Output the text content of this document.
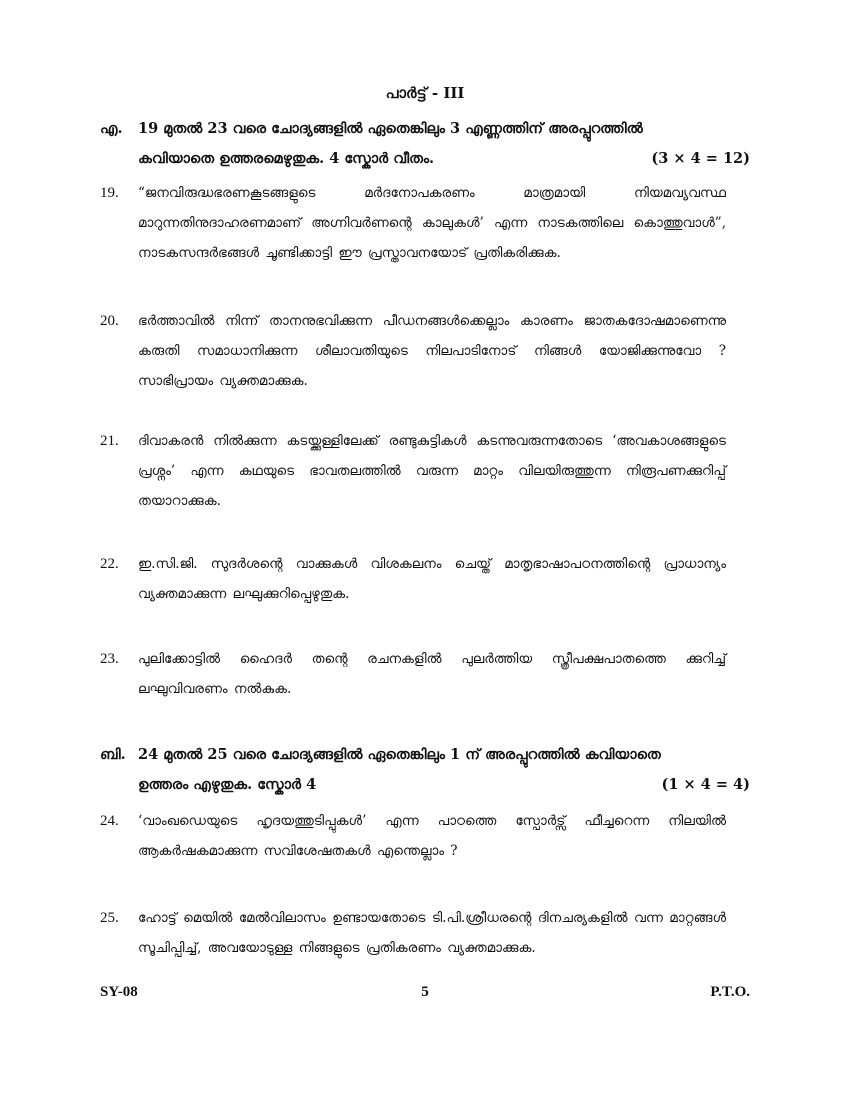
പാർട്ട് - III
എ. 19 മുതൽ 23 വരെ ചോദ്യങ്ങളിൽ ഏതെങ്കിലും 3 എണ്ണത്തിന് അരപ്പുറത്തിൽ
കവിയാതെ ഉത്തരമെഴുതുക. 4 സ്കോർ വീതം.	(3 × 4 = 12)
19. “ജനവിരുദ്ധഭരണകൂടങ്ങളുടെ മർദനോപകരണം മാത്രമായി നിയമവ്യവസ്ഥ മാറുന്നതിനുദാഹരണമാണ് അഗ്നിവർണന്റെ കാലുകൾ’ എന്ന നാടകത്തിലെ കൊത്തുവാൾ”, നാടകസന്ദർഭങ്ങൾ ചൂണ്ടിക്കാട്ടി ഈ പ്രസ്താവനയോട് പ്രതികരിക്കുക.
20. ഭർത്താവിൽ നിന്ന് താനനുഭവിക്കുന്ന പീഡനങ്ങൾക്കെല്ലാം കാരണം ജാതകദോഷമാണെന്നു കരുതി സമാധാനിക്കുന്ന ശീലാവതിയുടെ നിലപാടിനോട് നിങ്ങൾ യോജിക്കുന്നുവോ ? സാഭിപ്രായം വ്യക്തമാക്കുക.
21. ദിവാകരൻ നിൽക്കുന്ന കടയ്ക്കുള്ളിലേക്ക് രണ്ടുകുട്ടികൾ കടന്നുവരുന്നതോടെ ‘അവകാശങ്ങളുടെ പ്രശ്നം’ എന്ന കഥയുടെ ഭാവതലത്തിൽ വരുന്ന മാറ്റം വിലയിരുത്തുന്ന നിരൂപണക്കുറിപ്പ് തയാറാക്കുക.
22. ഇ.സി.ജി. സുദർശന്റെ വാക്കുകൾ വിശകലനം ചെയ്ത് മാതൃഭാഷാപഠനത്തിന്റെ പ്രാധാന്യം വ്യക്തമാക്കുന്ന ലഘുക്കുറിപ്പെഴുതുക.
23. പുലിക്കോട്ടിൽ ഹൈദർ തന്റെ രചനകളിൽ പുലർത്തിയ സ്ത്രീപക്ഷപാതത്തെ ക്കുറിച്ച് ലഘുവിവരണം നൽകുക.
ബി. 24 മുതൽ 25 വരെ ചോദ്യങ്ങളിൽ ഏതെങ്കിലും 1 ന് അരപ്പുറത്തിൽ കവിയാതെ
ഉത്തരം എഴുതുക. സ്കോർ 4	(1 × 4 = 4)
24. ‘വാംഖഡെയുടെ ഹൃദയത്തുടിപ്പുകൾ’ എന്ന പാഠത്തെ സ്പോർട്സ് ഫീച്ചറെന്ന നിലയിൽ ആകർഷകമാക്കുന്ന സവിശേഷതകൾ എന്തെല്ലാം ?
25. ഹോട്ട് മെയിൽ മേൽവിലാസം ഉണ്ടായതോടെ ടി.പി.ശ്രീധരന്റെ ദിനചര്യകളിൽ വന്ന മാറ്റങ്ങൾ സൂചിപ്പിച്ച്, അവയോടുള്ള നിങ്ങളുടെ പ്രതികരണം വ്യക്തമാക്കുക.
SY-08	5	P.T.O.
